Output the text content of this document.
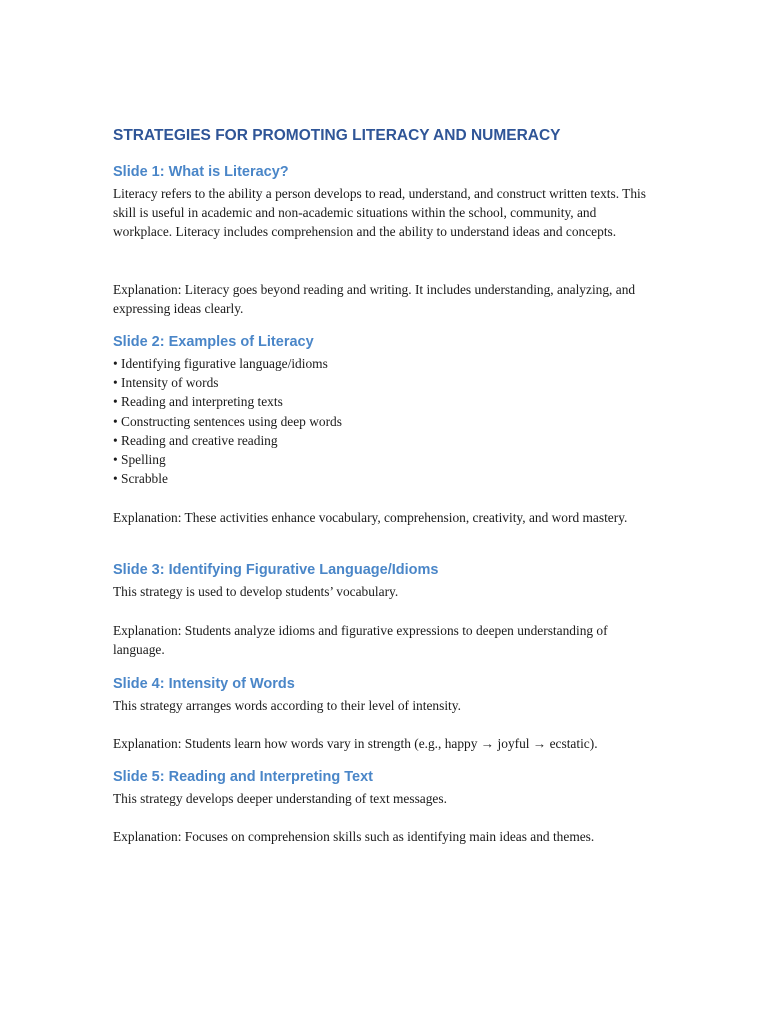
STRATEGIES FOR PROMOTING LITERACY AND NUMERACY
Slide 1: What is Literacy?

Literacy refers to the ability a person develops to read, understand, and construct written texts. This skill is useful in academic and non-academic situations within the school, community, and workplace. Literacy includes comprehension and the ability to understand ideas and concepts.

Explanation: Literacy goes beyond reading and writing. It includes understanding, analyzing, and expressing ideas clearly.

Slide 2: Examples of Literacy
• Identifying figurative language/idioms
• Intensity of words
• Reading and interpreting texts
• Constructing sentences using deep words
• Reading and creative reading
• Spelling
• Scrabble

Explanation: These activities enhance vocabulary, comprehension, creativity, and word mastery.

Slide 3: Identifying Figurative Language/Idioms

This strategy is used to develop students’ vocabulary.

Explanation: Students analyze idioms and figurative expressions to deepen understanding of language.

Slide 4: Intensity of Words

This strategy arranges words according to their level of intensity.

Explanation: Students learn how words vary in strength (e.g., happy → joyful → ecstatic).

Slide 5: Reading and Interpreting Text

This strategy develops deeper understanding of text messages.

Explanation: Focuses on comprehension skills such as identifying main ideas and themes.
